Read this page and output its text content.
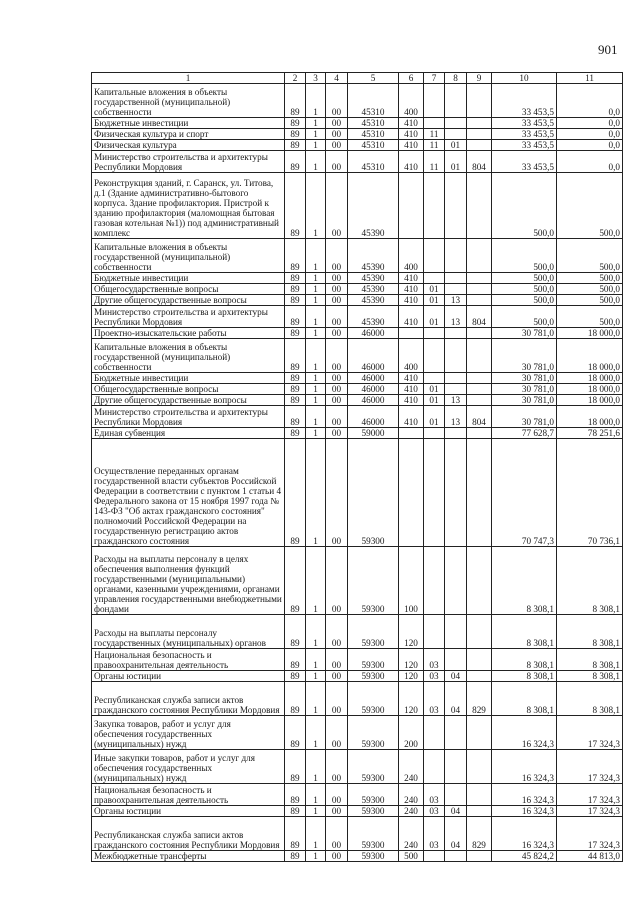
901
1	2	3	4	5	6	7	8	9	10	11
Капитальные вложения в объекты государственной (муниципальной) собственности	89	1	00	45310	400				33 453,5	0,0
Бюджетные инвестиции	89	1	00	45310	410				33 453,5	0,0
Физическая культура и спорт	89	1	00	45310	410	11			33 453,5	0,0
Физическая культура	89	1	00	45310	410	11	01		33 453,5	0,0
Министерство строительства и архитектуры Республики Мордовия	89	1	00	45310	410	11	01	804	33 453,5	0,0
Реконструкция зданий, г. Саранск, ул. Титова, д.1 (Здание административно-бытового корпуса. Здание профилактория. Пристрой к зданию профилактория (маломощная бытовая газовая котельная №1)) под административный комплекс	89	1	00	45390					500,0	500,0
Капитальные вложения в объекты государственной (муниципальной) собственности	89	1	00	45390	400				500,0	500,0
Бюджетные инвестиции	89	1	00	45390	410				500,0	500,0
Общегосударственные вопросы	89	1	00	45390	410	01			500,0	500,0
Другие общегосударственные вопросы	89	1	00	45390	410	01	13		500,0	500,0
Министерство строительства и архитектуры Республики Мордовия	89	1	00	45390	410	01	13	804	500,0	500,0
Проектно-изыскательские работы	89	1	00	46000					30 781,0	18 000,0
Капитальные вложения в объекты государственной (муниципальной) собственности	89	1	00	46000	400				30 781,0	18 000,0
Бюджетные инвестиции	89	1	00	46000	410				30 781,0	18 000,0
Общегосударственные вопросы	89	1	00	46000	410	01			30 781,0	18 000,0
Другие общегосударственные вопросы	89	1	00	46000	410	01	13		30 781,0	18 000,0
Министерство строительства и архитектуры Республики Мордовия	89	1	00	46000	410	01	13	804	30 781,0	18 000,0
Единая субвенция	89	1	00	59000					77 628,7	78 251,6
Осуществление переданных органам государственной власти субъектов Российской Федерации в соответствии с пунктом 1 статьи 4 Федерального закона от 15 ноября 1997 года № 143-ФЗ "Об актах гражданского состояния" полномочий Российской Федерации на государственную регистрацию актов гражданского состояния	89	1	00	59300					70 747,3	70 736,1
Расходы на выплаты персоналу в целях обеспечения выполнения функций государственными (муниципальными) органами, казенными учреждениями, органами управления государственными внебюджетными фондами	89	1	00	59300	100				8 308,1	8 308,1
Расходы на выплаты персоналу государственных (муниципальных) органов	89	1	00	59300	120				8 308,1	8 308,1
Национальная безопасность и правоохранительная деятельность	89	1	00	59300	120	03			8 308,1	8 308,1
Органы юстиции	89	1	00	59300	120	03	04		8 308,1	8 308,1
Республиканская служба записи актов гражданского состояния Республики Мордовия	89	1	00	59300	120	03	04	829	8 308,1	8 308,1
Закупка товаров, работ и услуг для обеспечения государственных (муниципальных) нужд	89	1	00	59300	200				16 324,3	17 324,3
Иные закупки товаров, работ и услуг для обеспечения государственных (муниципальных) нужд	89	1	00	59300	240				16 324,3	17 324,3
Национальная безопасность и правоохранительная деятельность	89	1	00	59300	240	03			16 324,3	17 324,3
Органы юстиции	89	1	00	59300	240	03	04		16 324,3	17 324,3
Республиканская служба записи актов гражданского состояния Республики Мордовия	89	1	00	59300	240	03	04	829	16 324,3	17 324,3
Межбюджетные трансферты	89	1	00	59300	500				45 824,2	44 813,0
